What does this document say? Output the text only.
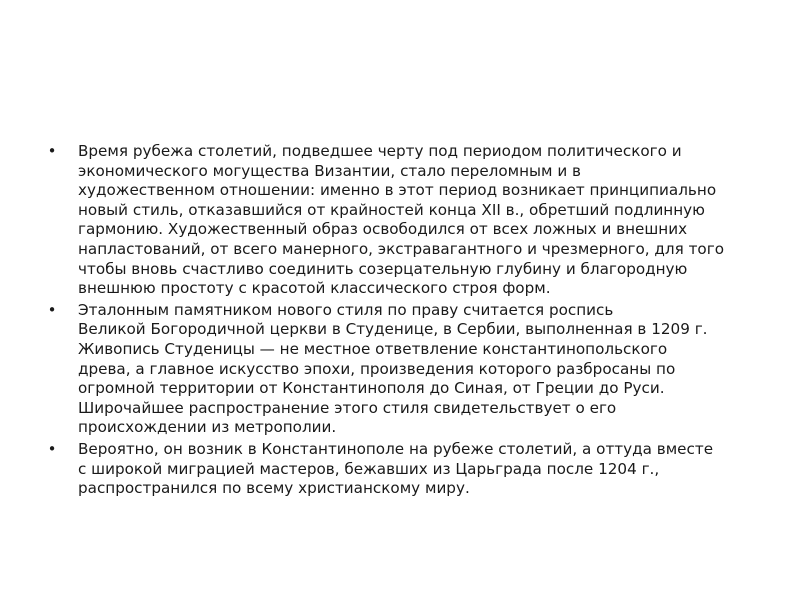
• Время рубежа столетий, подведшее черту под периодом политического и
экономического могущества Византии, стало переломным и в
художественном отношении: именно в этот период возникает принципиально
новый стиль, отказавшийся от крайностей конца XII в., обретший подлинную
гармонию. Художественный образ освободился от всех ложных и внешних
напластований, от всего манерного, экстравагантного и чрезмерного, для того
чтобы вновь счастливо соединить созерцательную глубину и благородную
внешнюю простоту с красотой классического строя форм.
• Эталонным памятником нового стиля по праву считается роспись
Великой Богородичной церкви в Студенице, в Сербии, выполненная в 1209 г.
Живопись Студеницы — не местное ответвление константинопольского
древа, а главное искусство эпохи, произведения которого разбросаны по
огромной территории от Константинополя до Синая, от Греции до Руси.
Широчайшее распространение этого стиля свидетельствует о его
происхождении из метрополии.
• Вероятно, он возник в Константинополе на рубеже столетий, а оттуда вместе
с широкой миграцией мастеров, бежавших из Царьграда после 1204 г.,
распространился по всему христианскому миру.
